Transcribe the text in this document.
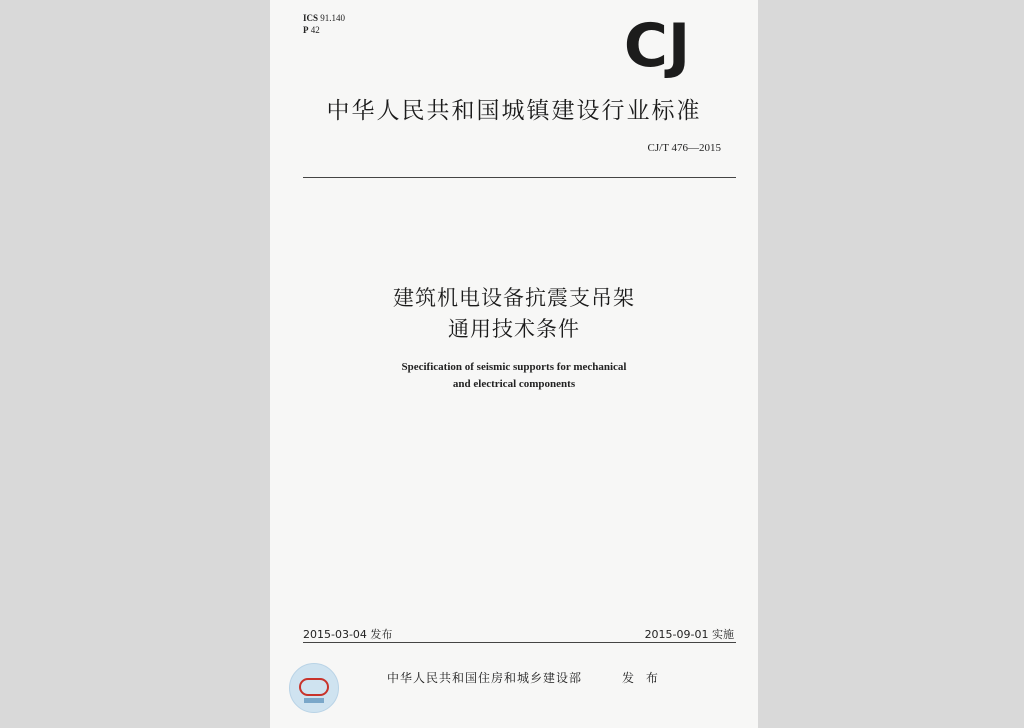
ICS 91.140
P 42	CJ
中华人民共和国城镇建设行业标准
CJ/T 476—2015
建筑机电设备抗震支吊架
通用技术条件
Specification of seismic supports for mechanical
and electrical components
2015-03-04 发布	2015-09-01 实施
中华人民共和国住房和城乡建设部	发 布
